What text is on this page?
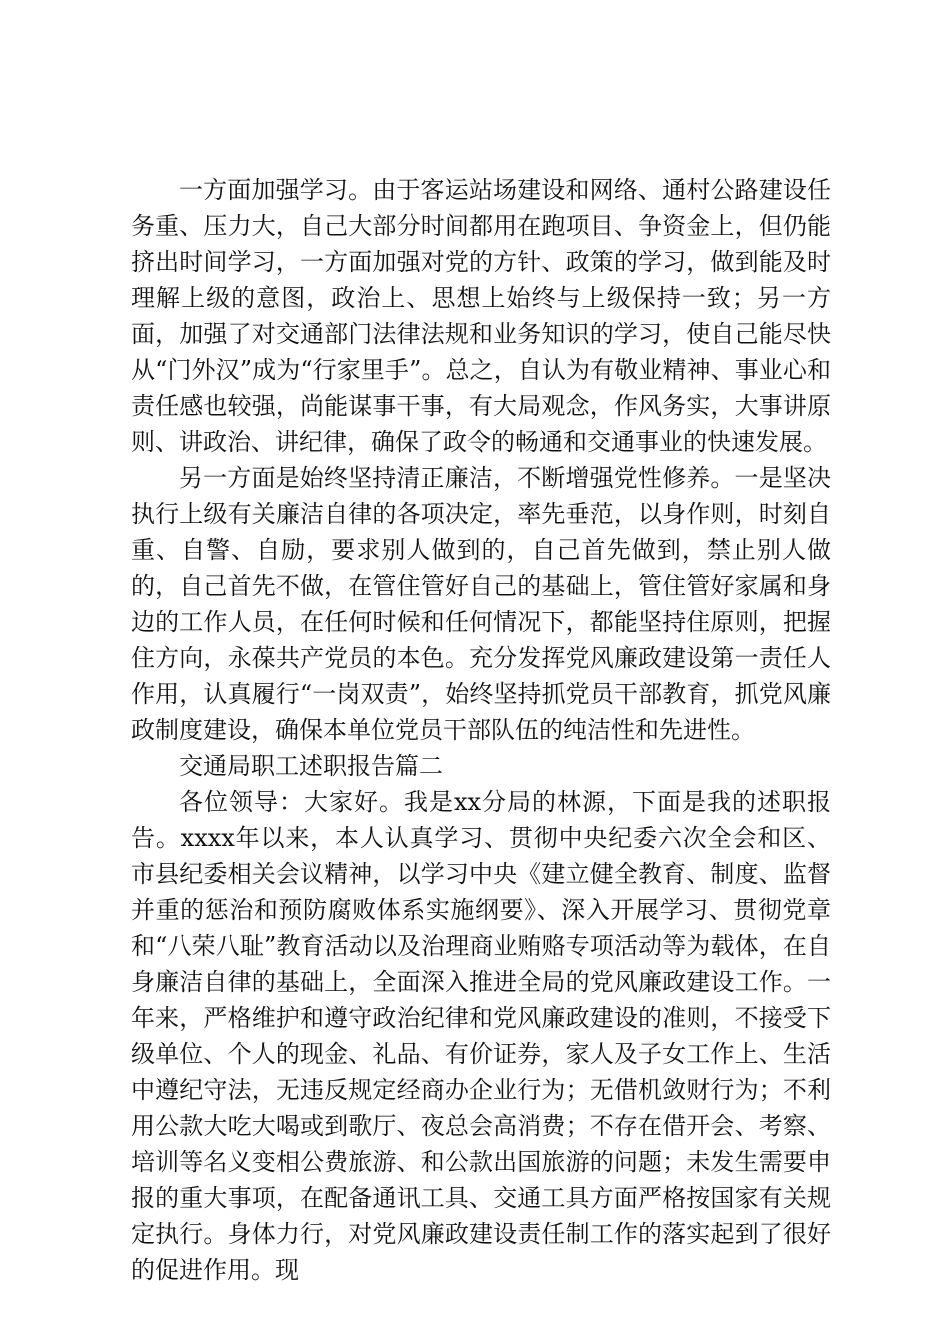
一方面加强学习。由于客运站场建设和网络、通村公路建设任务重、压力大，自己大部分时间都用在跑项目、争资金上，但仍能挤出时间学习，一方面加强对党的方针、政策的学习，做到能及时理解上级的意图，政治上、思想上始终与上级保持一致；另一方面，加强了对交通部门法律法规和业务知识的学习，使自己能尽快从“门外汉”成为“行家里手”。总之，自认为有敬业精神、事业心和责任感也较强，尚能谋事干事，有大局观念，作风务实，大事讲原则、讲政治、讲纪律，确保了政令的畅通和交通事业的快速发展。

另一方面是始终坚持清正廉洁，不断增强党性修养。一是坚决执行上级有关廉洁自律的各项决定，率先垂范，以身作则，时刻自重、自警、自励，要求别人做到的，自己首先做到，禁止别人做的，自己首先不做，在管住管好自己的基础上，管住管好家属和身边的工作人员，在任何时候和任何情况下，都能坚持住原则，把握住方向，永葆共产党员的本色。充分发挥党风廉政建设第一责任人作用，认真履行“一岗双责”，始终坚持抓党员干部教育，抓党风廉政制度建设，确保本单位党员干部队伍的纯洁性和先进性。

交通局职工述职报告篇二

各位领导：大家好。我是xx分局的林源，下面是我的述职报告。xxxx年以来，本人认真学习、贯彻中央纪委六次全会和区、市县纪委相关会议精神，以学习中央《建立健全教育、制度、监督并重的惩治和预防腐败体系实施纲要》、深入开展学习、贯彻党章和“八荣八耻”教育活动以及治理商业贿赂专项活动等为载体，在自身廉洁自律的基础上，全面深入推进全局的党风廉政建设工作。一年来，严格维护和遵守政治纪律和党风廉政建设的准则，不接受下级单位、个人的现金、礼品、有价证券，家人及子女工作上、生活中遵纪守法，无违反规定经商办企业行为；无借机敛财行为；不利用公款大吃大喝或到歌厅、夜总会高消费；不存在借开会、考察、培训等名义变相公费旅游、和公款出国旅游的问题；未发生需要申报的重大事项，在配备通讯工具、交通工具方面严格按国家有关规定执行。身体力行，对党风廉政建设责任制工作的落实起到了很好的促进作用。现
